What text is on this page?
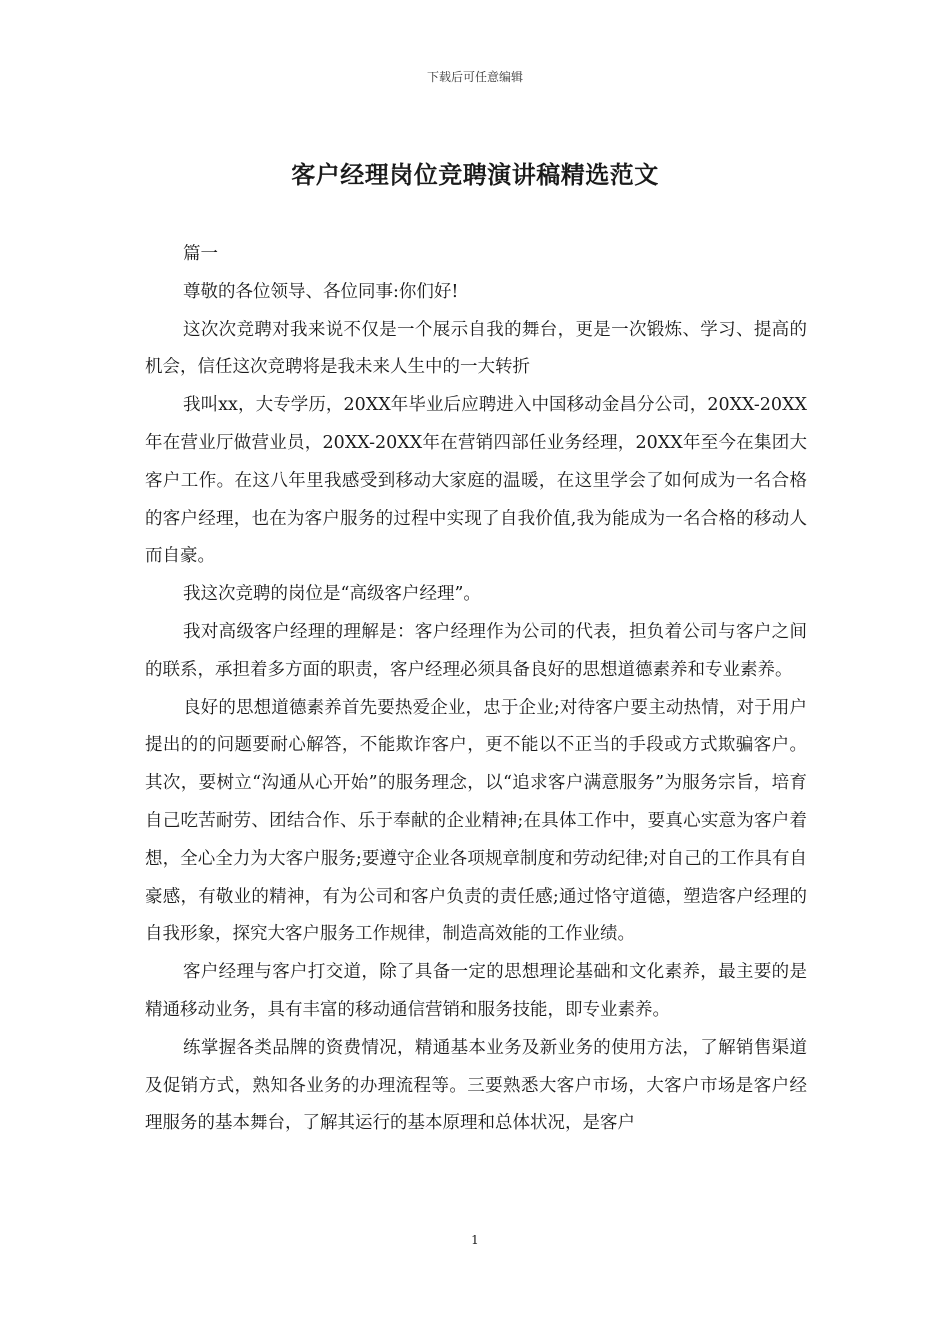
下载后可任意编辑
客户经理岗位竞聘演讲稿精选范文

篇一

尊敬的各位领导、各位同事:你们好!

这次次竞聘对我来说不仅是一个展示自我的舞台，更是一次锻炼、学习、提高的机会，信任这次竞聘将是我未来人生中的一大转折

我叫xx，大专学历，20XX年毕业后应聘进入中国移动金昌分公司，20XX-20XX年在营业厅做营业员，20XX-20XX年在营销四部任业务经理，20XX年至今在集团大客户工作。在这八年里我感受到移动大家庭的温暖，在这里学会了如何成为一名合格的客户经理，也在为客户服务的过程中实现了自我价值,我为能成为一名合格的移动人而自豪。

我这次竞聘的岗位是“高级客户经理”。

我对高级客户经理的理解是：客户经理作为公司的代表，担负着公司与客户之间的联系，承担着多方面的职责，客户经理必须具备良好的思想道德素养和专业素养。

良好的思想道德素养首先要热爱企业，忠于企业;对待客户要主动热情，对于用户提出的的问题要耐心解答，不能欺诈客户，更不能以不正当的手段或方式欺骗客户。其次，要树立“沟通从心开始”的服务理念，以“追求客户满意服务”为服务宗旨，培育自己吃苦耐劳、团结合作、乐于奉献的企业精神;在具体工作中，要真心实意为客户着想，全心全力为大客户服务;要遵守企业各项规章制度和劳动纪律;对自己的工作具有自豪感，有敬业的精神，有为公司和客户负责的责任感;通过恪守道德，塑造客户经理的自我形象，探究大客户服务工作规律，制造高效能的工作业绩。

客户经理与客户打交道，除了具备一定的思想理论基础和文化素养，最主要的是精通移动业务，具有丰富的移动通信营销和服务技能，即专业素养。

练掌握各类品牌的资费情况，精通基本业务及新业务的使用方法，了解销售渠道及促销方式，熟知各业务的办理流程等。三要熟悉大客户市场，大客户市场是客户经理服务的基本舞台，了解其运行的基本原理和总体状况，是客户

1
